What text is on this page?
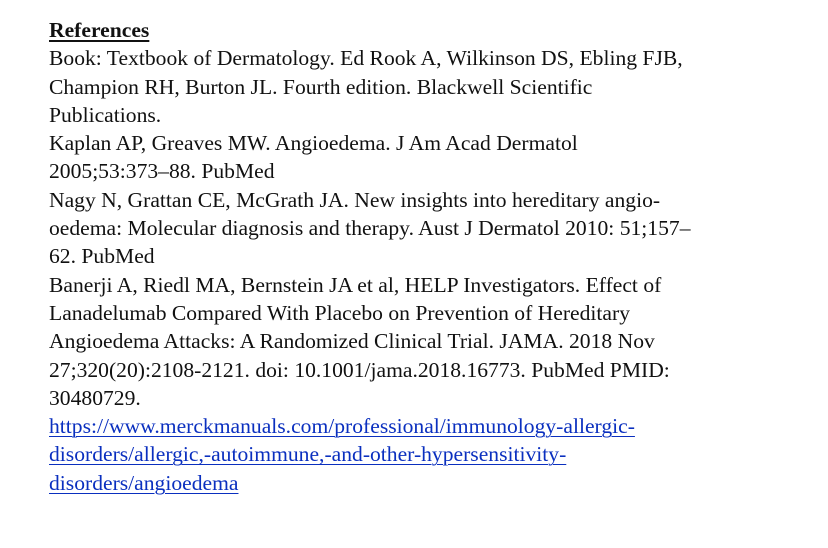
References
Book: Textbook of Dermatology. Ed Rook A, Wilkinson DS, Ebling FJB,
Champion RH, Burton JL. Fourth edition. Blackwell Scientific
Publications.
Kaplan AP, Greaves MW. Angioedema. J Am Acad Dermatol
2005;53:373–88. PubMed
Nagy N, Grattan CE, McGrath JA. New insights into hereditary angio-
oedema: Molecular diagnosis and therapy. Aust J Dermatol 2010: 51;157–
62. PubMed
Banerji A, Riedl MA, Bernstein JA et al, HELP Investigators. Effect of
Lanadelumab Compared With Placebo on Prevention of Hereditary
Angioedema Attacks: A Randomized Clinical Trial. JAMA. 2018 Nov
27;320(20):2108-2121. doi: 10.1001/jama.2018.16773. PubMed PMID:
30480729.
https://www.merckmanuals.com/professional/immunology-allergic-
disorders/allergic,-autoimmune,-and-other-hypersensitivity-
disorders/angioedema
